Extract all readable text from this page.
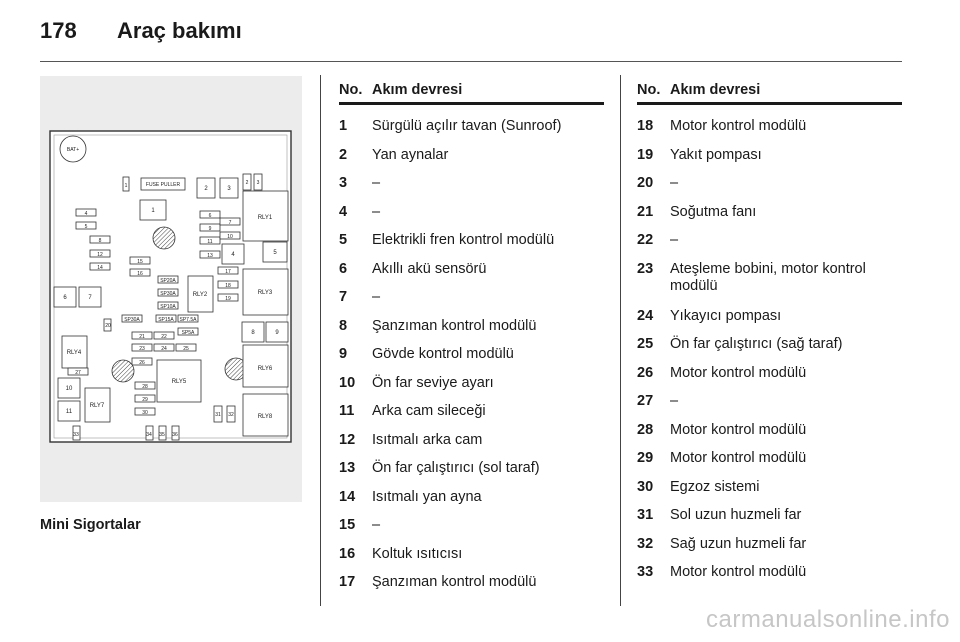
178 Araç bakımı
BAT+
1	FUSE PULLER
1
2	3
2 3
4
5
8
12
14
15
16
6
9
11
13
7
10
4
RLY1
5
SP20A
SP30A
SP10A
SP30A	SP15A SP7.5A
SP5A
RLY2
17
18
19
RLY3
6	7
20
21	22
23	24	25
26
8	9
RLY6
RLY4
27
RLY5
10
11
RLY7
28
29
30	31 32	RLY8
33	34 35 36
Mini Sigortalar
No. Akım devresi
1 Sürgülü açılır tavan (Sunroof)
2 Yan aynalar
3 –
4 –
5 Elektrikli fren kontrol modülü
6 Akıllı akü sensörü
7 –
8 Şanzıman kontrol modülü
9 Gövde kontrol modülü
10 Ön far seviye ayarı
11 Arka cam sileceği
12 Isıtmalı arka cam
13 Ön far çalıştırıcı (sol taraf)
14 Isıtmalı yan ayna
15 –
16 Koltuk ısıtıcısı
17 Şanzıman kontrol modülü
No. Akım devresi
18 Motor kontrol modülü
19 Yakıt pompası
20 –
21 Soğutma fanı
22 –
23 Ateşleme bobini, motor kontrol modülü
24 Yıkayıcı pompası
25 Ön far çalıştırıcı (sağ taraf)
26 Motor kontrol modülü
27 –
28 Motor kontrol modülü
29 Motor kontrol modülü
30 Egzoz sistemi
31 Sol uzun huzmeli far
32 Sağ uzun huzmeli far
33 Motor kontrol modülü
carmanualsonline.info
